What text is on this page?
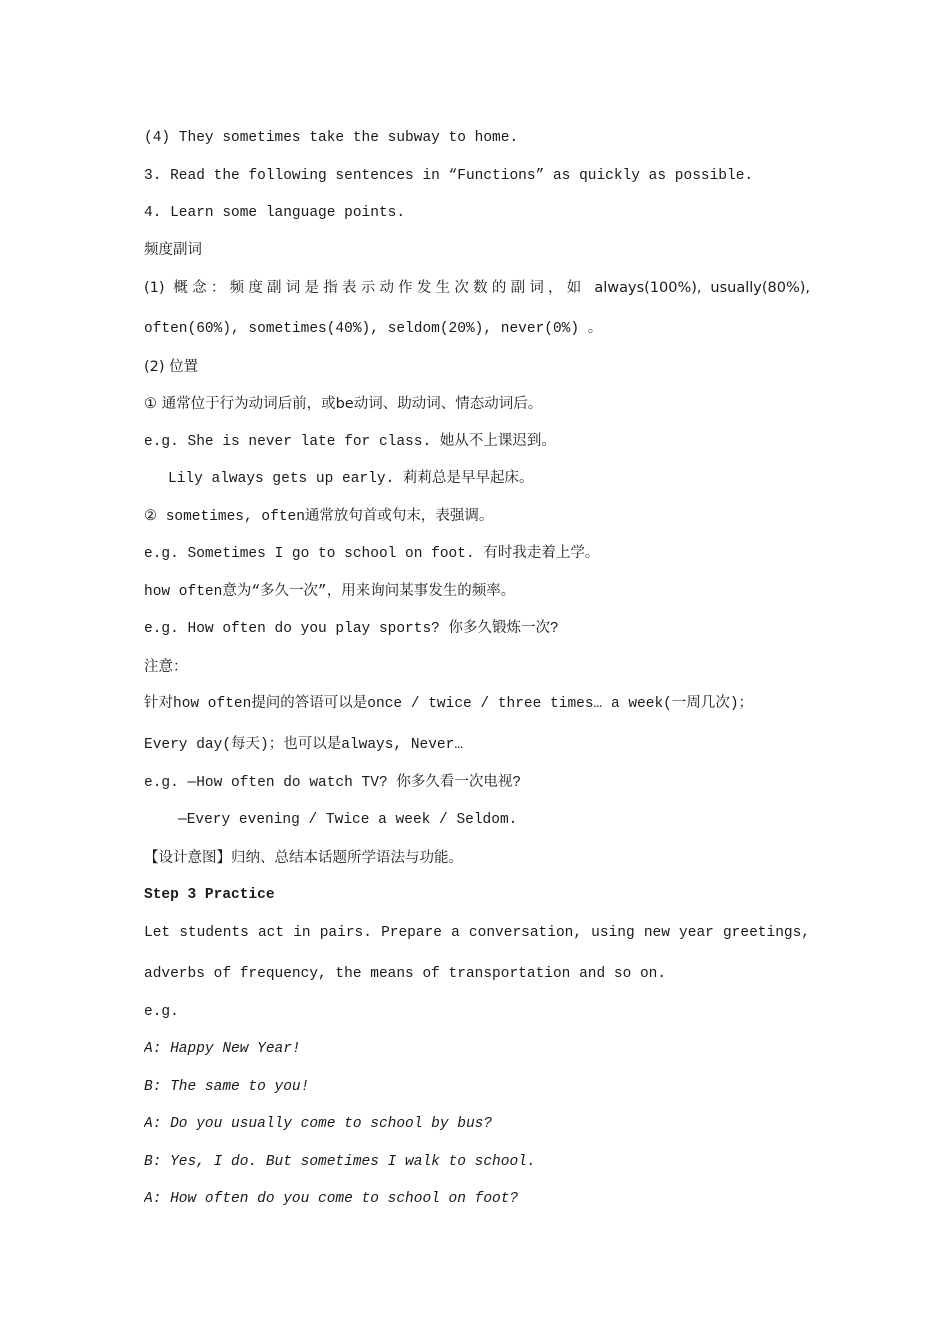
(4) They sometimes take the subway to home.
3. Read the following sentences in “Functions” as quickly as possible.
4. Learn some language points.
频度副词
(1) 概念：频度副词是指表示动作发生次数的副词，如 always(100%), usually(80%),
often(60%), sometimes(40%), seldom(20%), never(0%) 。
(2) 位置
① 通常位于行为动词后前，或be动词、助动词、情态动词后。
e.g. She is never late for class. 她从不上课迟到。
Lily always gets up early. 莉莉总是早早起床。
② sometimes, often通常放句首或句末，表强调。
e.g. Sometimes I go to school on foot. 有时我走着上学。
how often意为“多久一次”，用来询问某事发生的频率。
e.g. How often do you play sports? 你多久锻炼一次?
注意：
针对how often提问的答语可以是once / twice / three times… a week(一周几次)；
Every day(每天)；也可以是always, Never…
e.g. —How often do watch TV? 你多久看一次电视?
—Every evening / Twice a week / Seldom.
【设计意图】归纳、总结本话题所学语法与功能。
Step 3 Practice
Let students act in pairs. Prepare a conversation, using new year greetings,
adverbs of frequency, the means of transportation and so on.
e.g.
A: Happy New Year!
B: The same to you!
A: Do you usually come to school by bus?
B: Yes, I do. But sometimes I walk to school.
A: How often do you come to school on foot?
